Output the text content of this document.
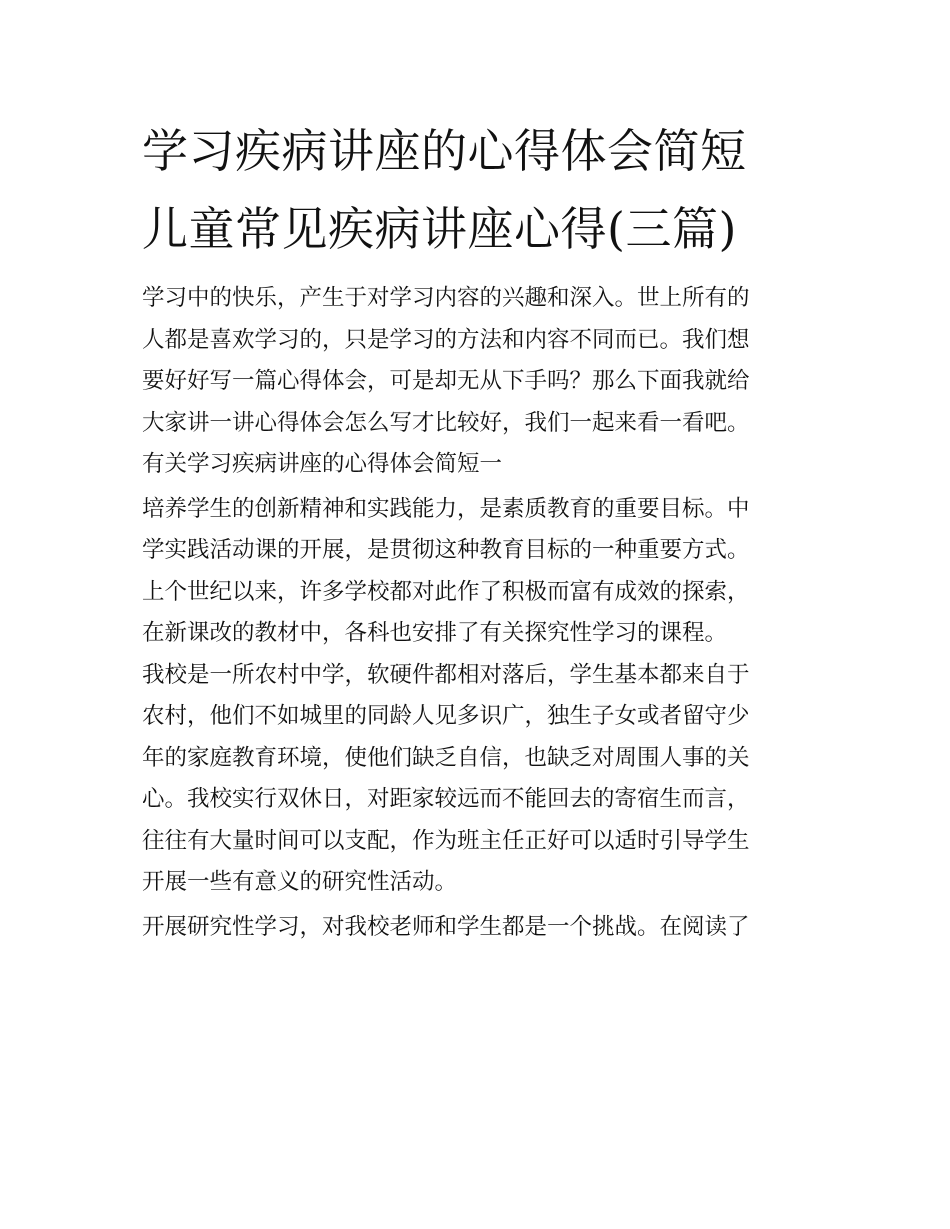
学习疾病讲座的心得体会简短
儿童常见疾病讲座心得(三篇)
学习中的快乐，产生于对学习内容的兴趣和深入。世上所有的
人都是喜欢学习的，只是学习的方法和内容不同而已。我们想
要好好写一篇心得体会，可是却无从下手吗？那么下面我就给
大家讲一讲心得体会怎么写才比较好，我们一起来看一看吧。
有关学习疾病讲座的心得体会简短一
培养学生的创新精神和实践能力，是素质教育的重要目标。中
学实践活动课的开展，是贯彻这种教育目标的一种重要方式。
上个世纪以来，许多学校都对此作了积极而富有成效的探索，
在新课改的教材中，各科也安排了有关探究性学习的课程。
我校是一所农村中学，软硬件都相对落后，学生基本都来自于
农村，他们不如城里的同龄人见多识广，独生子女或者留守少
年的家庭教育环境，使他们缺乏自信，也缺乏对周围人事的关
心。我校实行双休日，对距家较远而不能回去的寄宿生而言，
往往有大量时间可以支配，作为班主任正好可以适时引导学生
开展一些有意义的研究性活动。
开展研究性学习，对我校老师和学生都是一个挑战。在阅读了
